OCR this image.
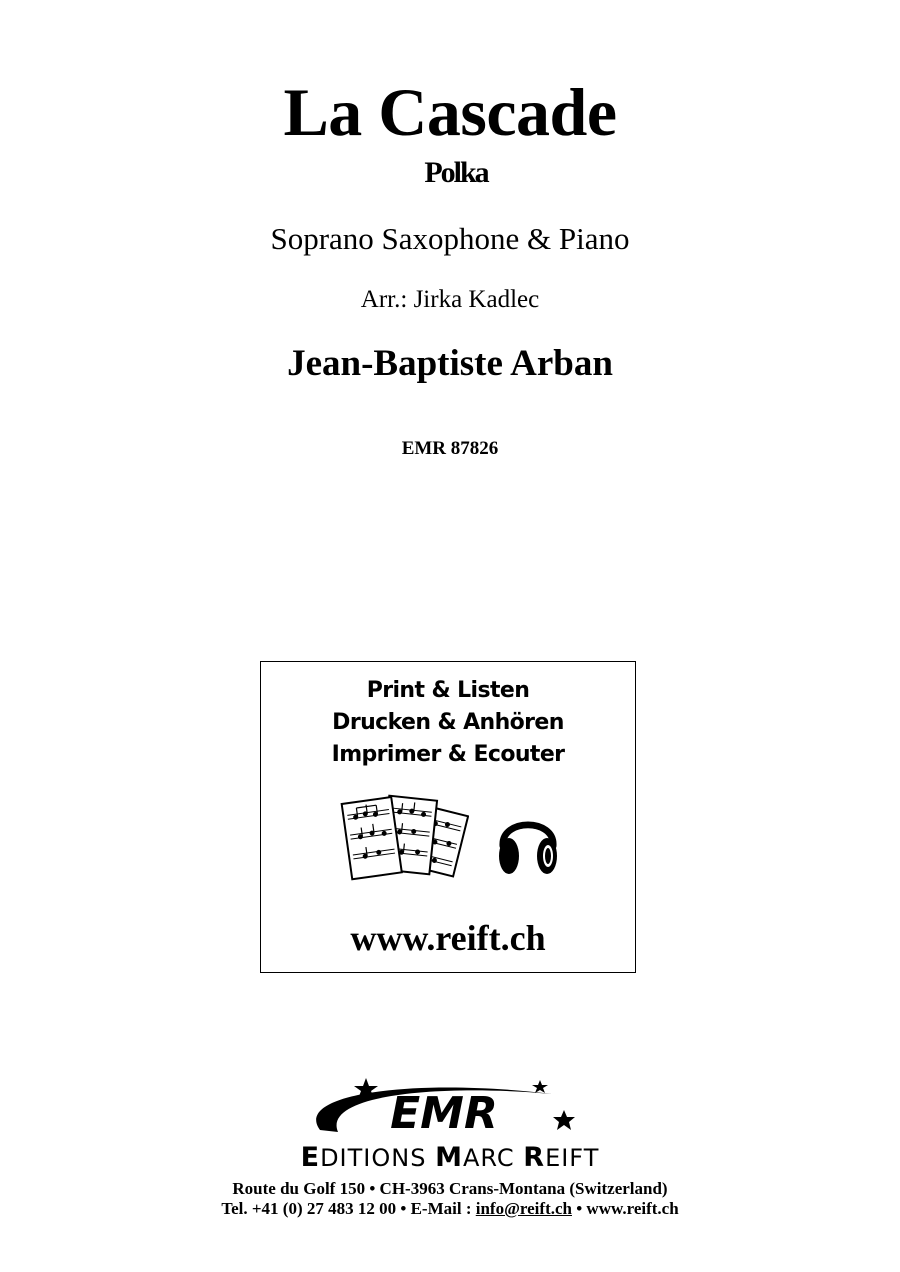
La Cascade
Polka
Soprano Saxophone & Piano
Arr.: Jirka Kadlec
Jean-Baptiste Arban
EMR 87826
Print & Listen
Drucken & Anhören
Imprimer & Ecouter
www.reift.ch
EMR
EDITIONS MARC REIFT
Route du Golf 150 • CH-3963 Crans-Montana (Switzerland)
Tel. +41 (0) 27 483 12 00 • E-Mail : info@reift.ch • www.reift.ch
